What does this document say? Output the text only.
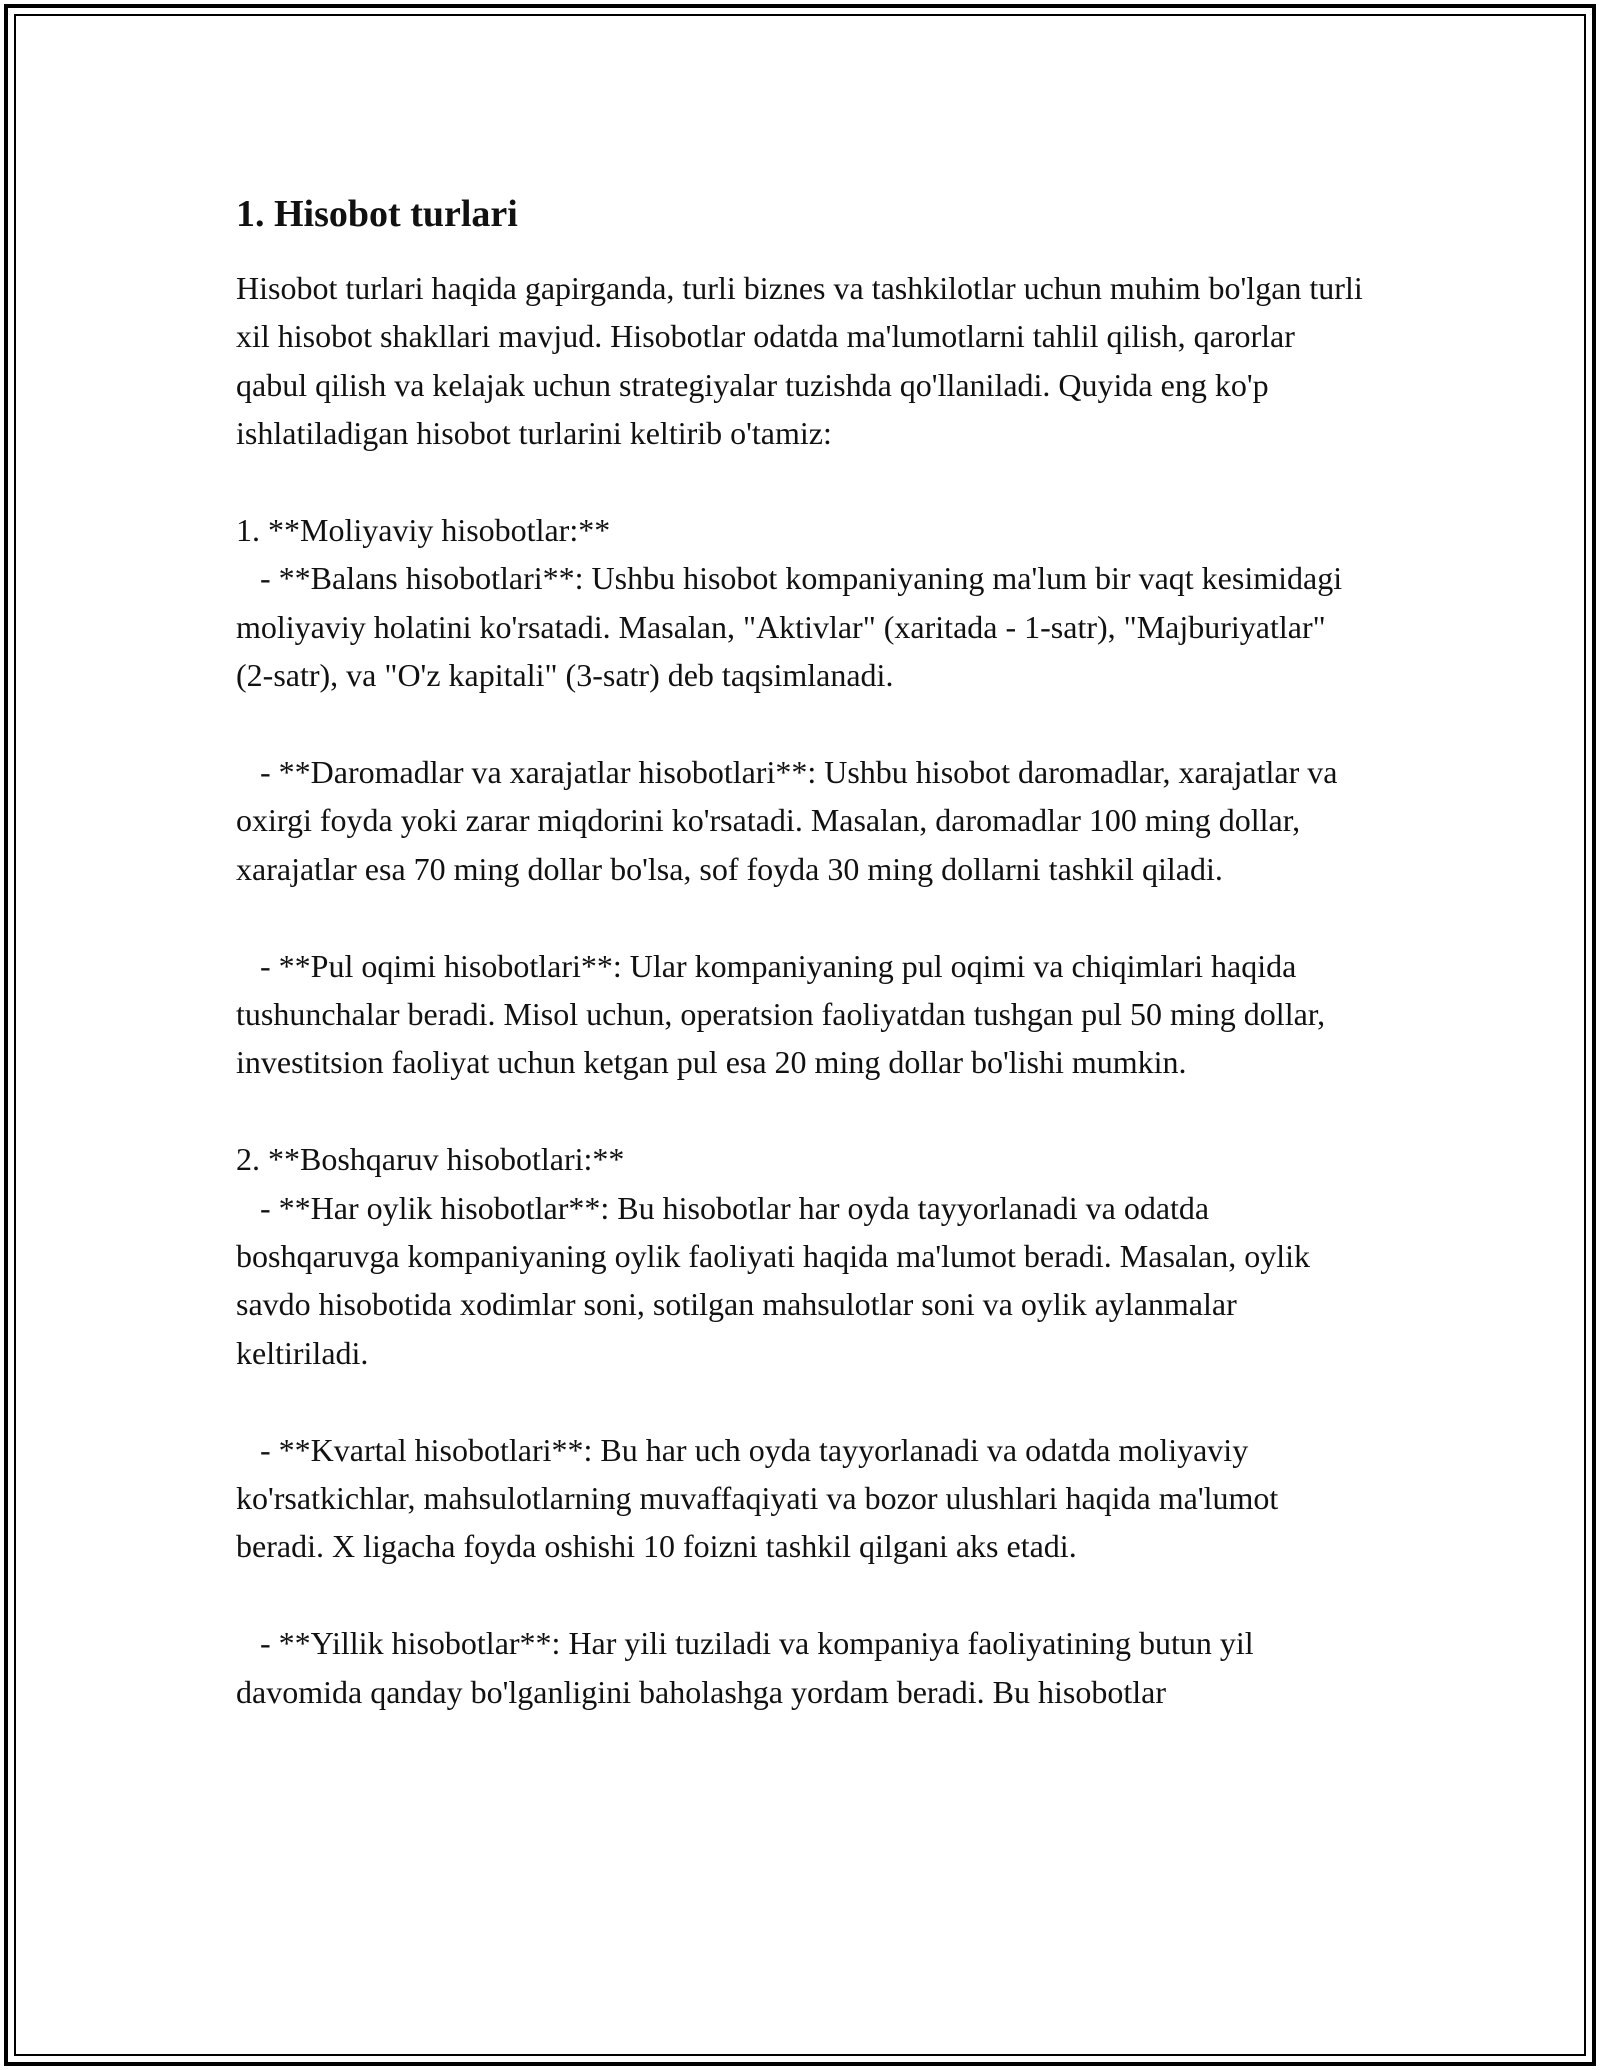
1. Hisobot turlari

Hisobot turlari haqida gapirganda, turli biznes va tashkilotlar uchun muhim bo'lgan turli xil hisobot shakllari mavjud. Hisobotlar odatda ma'lumotlarni tahlil qilish, qarorlar qabul qilish va kelajak uchun strategiyalar tuzishda qo'llaniladi. Quyida eng ko'p ishlatiladigan hisobot turlarini keltirib o'tamiz:

1. **Moliyaviy hisobotlar:**

- **Balans hisobotlari**: Ushbu hisobot kompaniyaning ma'lum bir vaqt kesimidagi moliyaviy holatini ko'rsatadi. Masalan, "Aktivlar" (xaritada - 1-satr), "Majburiyatlar" (2-satr), va "O'z kapitali" (3-satr) deb taqsimlanadi.

- **Daromadlar va xarajatlar hisobotlari**: Ushbu hisobot daromadlar, xarajatlar va oxirgi foyda yoki zarar miqdorini ko'rsatadi. Masalan, daromadlar 100 ming dollar, xarajatlar esa 70 ming dollar bo'lsa, sof foyda 30 ming dollarni tashkil qiladi.

- **Pul oqimi hisobotlari**: Ular kompaniyaning pul oqimi va chiqimlari haqida tushunchalar beradi. Misol uchun, operatsion faoliyatdan tushgan pul 50 ming dollar, investitsion faoliyat uchun ketgan pul esa 20 ming dollar bo'lishi mumkin.

2. **Boshqaruv hisobotlari:**

- **Har oylik hisobotlar**: Bu hisobotlar har oyda tayyorlanadi va odatda boshqaruvga kompaniyaning oylik faoliyati haqida ma'lumot beradi. Masalan, oylik savdo hisobotida xodimlar soni, sotilgan mahsulotlar soni va oylik aylanmalar keltiriladi.

- **Kvartal hisobotlari**: Bu har uch oyda tayyorlanadi va odatda moliyaviy ko'rsatkichlar, mahsulotlarning muvaffaqiyati va bozor ulushlari haqida ma'lumot beradi. X ligacha foyda oshishi 10 foizni tashkil qilgani aks etadi.

- **Yillik hisobotlar**: Har yili tuziladi va kompaniya faoliyatining butun yil davomida qanday bo'lganligini baholashga yordam beradi. Bu hisobotlar
